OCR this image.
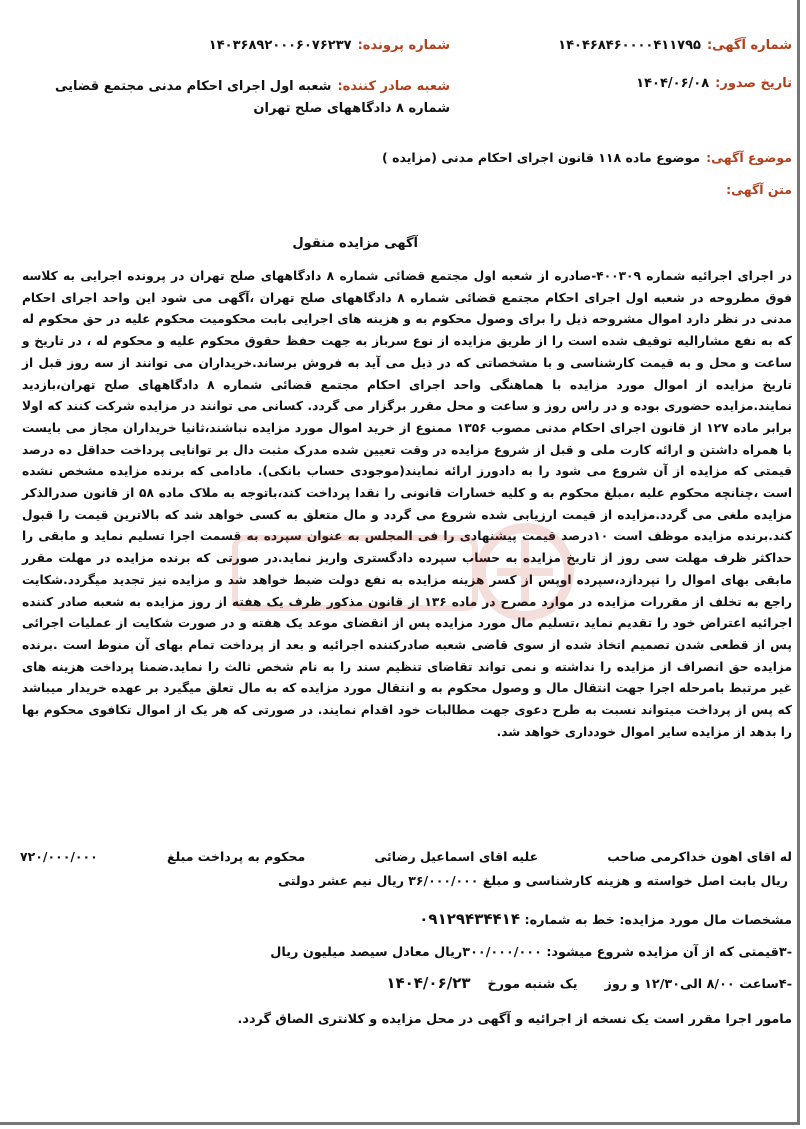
شماره آگهی:۱۴۰۴۶۸۴۶۰۰۰۰۴۱۱۷۹۵
شماره پرونده:۱۴۰۳۶۸۹۲۰۰۰۶۰۷۶۲۳۷
تاریخ صدور:۱۴۰۴/۰۶/۰۸
شعبه صادر کننده:
شعبه اول اجرای احکام مدنی مجتمع قضایی شماره ۸ دادگاههای صلح تهران
موضوع آگهی:موضوع ماده ۱۱۸ قانون اجرای احکام مدنی (مزایده )
متن آگهی:
آگهی مزایده منقول
در اجرای اجرائیه شماره ۴۰۰۳۰۹-صادره از شعبه اول مجتمع قضائی شماره ۸ دادگاههای صلح تهران در پرونده اجرایی به کلاسه فوق مطروحه در شعبه اول اجرای احکام مجتمع قضائی شماره ۸ دادگاههای صلح تهران ،آگهی می شود این واحد اجرای احکام مدنی در نظر دارد اموال مشروحه ذیل را برای وصول محکوم به و هزینه های اجرایی بابت محکومیت محکوم علیه در حق محکوم له که به نفع مشارالیه توقیف شده است را از طریق مزایده از نوع سرباز به جهت حفظ حقوق محکوم علیه و محکوم له ، در تاریخ و ساعت و محل و به قیمت کارشناسی و با مشخصاتی که در ذیل می آید به فروش برساند.خریداران می توانند از سه روز قبل از تاریخ مزایده از اموال مورد مزایده با هماهنگی واحد اجرای احکام مجتمع قضائی شماره ۸ دادگاههای صلح تهران،بازدید نمایند.مزایده حضوری بوده و در راس روز و ساعت و محل مقرر برگزار می گردد. کسانی می توانند در مزایده شرکت کنند که اولا برابر ماده ۱۲۷ از قانون اجرای احکام مدنی مصوب ۱۳۵۶ ممنوع از خرید اموال مورد مزایده نباشند،ثانیا خریداران مجاز می بایست با همراه داشتن و ارائه کارت ملی و قبل از شروع مزایده در وقت تعیین شده مدرک مثبت دال بر توانایی پرداخت حداقل ده درصد قیمتی که مزایده از آن شروع می شود را به دادورز ارائه نمایند(موجودی حساب بانکی). مادامی که برنده مزایده مشخص نشده است ،چنانچه محکوم علیه ،مبلغ محکوم به و کلیه خسارات قانونی را نقدا پرداخت کند،باتوجه به ملاک ماده ۵۸ از قانون صدرالذکر مزایده ملغی می گردد.مزایده از قیمت ارزیابی شده شروع می گردد و مال متعلق به کسی خواهد شد که بالاترین قیمت را قبول کند.برنده مزایده موظف است ۱۰درصد قیمت پیشنهادی را فی المجلس به عنوان سپرده به قسمت اجرا تسلیم نماید و مابقی را حداکثر ظرف مهلت سی روز از تاریخ مزایده به حساب سپرده دادگستری واریز نماید.در صورتی که برنده مزایده در مهلت مقرر مابقی بهای اموال را نپردازد،سپرده اوپس از کسر هزینه مزایده به نفع دولت ضبط خواهد شد و مزایده نیز تجدید میگردد.شکایت راجع به تخلف از مقررات مزایده در موارد مصرح در ماده ۱۳۶ از قانون مذکور ظرف یک هفته از روز مزایده به شعبه صادر کننده اجرائیه اعتراض خود را تقدیم نماید ،تسلیم مال مورد مزایده پس از انقضای موعد یک هفته و در صورت شکایت از عملیات اجرائی پس از قطعی شدن تصمیم اتخاذ شده از سوی قاضی شعبه صادرکننده اجرائیه و بعد از پرداخت تمام بهای آن منوط است .برنده مزایده حق انصراف از مزایده را نداشته و نمی تواند تقاضای تنظیم سند را به نام شخص ثالث را نماید.ضمنا پرداخت هزینه های غیر مرتبط بامرحله اجرا جهت انتقال مال و وصول محکوم به و انتقال مورد مزایده که به مال تعلق میگیرد بر عهده خریدار میباشد که پس از پرداخت میتواند نسبت به طرح دعوی جهت مطالبات خود اقدام نمایند. در صورتی که هر یک از اموال تکافوی محکوم بها را بدهد از مزایده سایر اموال خودداری خواهد شد.
له اقای اهون خداکرمی صاحب
علیه اقای اسماعیل رضائی
محکوم به پرداخت مبلغ
۷۲۰/۰۰۰/۰۰۰
ریال بابت اصل خواسته و هزینه کارشناسی و مبلغ ۳۶/۰۰۰/۰۰۰ ریال نیم عشر دولتی
مشخصات مال مورد مزایده: خط به شماره: ۰۹۱۲۹۴۳۴۴۱۴
-۳قیمتی که از آن مزایده شروع میشود: ۳۰۰/۰۰۰/۰۰۰ریال معادل سیصد میلیون ریال
-۴ساعت ۸/۰۰ الی۱۲/۳۰ و روز  یک شنبه مورخ  ۱۴۰۴/۰۶/۲۳
مامور اجرا مقرر است یک نسخه از اجرائیه و آگهی در محل مزایده و کلانتری الصاق گردد.
